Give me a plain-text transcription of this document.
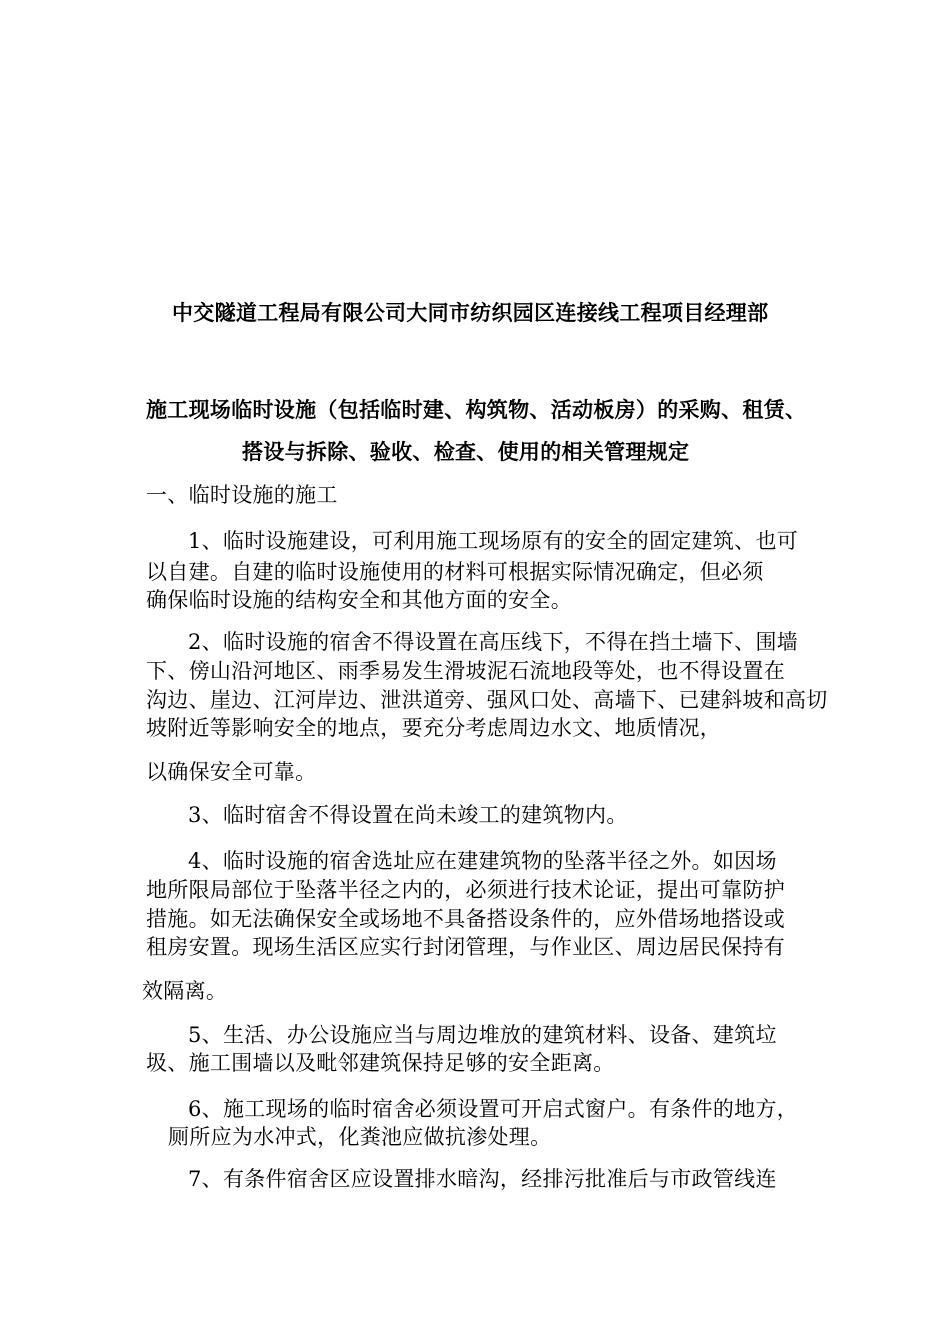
中交隧道工程局有限公司大同市纺织园区连接线工程项目经理部
施工现场临时设施（包括临时建、构筑物、活动板房）的采购、租赁、
搭设与拆除、验收、检查、使用的相关管理规定
一、临时设施的施工
1、临时设施建设，可利用施工现场原有的安全的固定建筑、也可
以自建。自建的临时设施使用的材料可根据实际情况确定，但必须
确保临时设施的结构安全和其他方面的安全。
2、临时设施的宿舍不得设置在高压线下，不得在挡土墙下、围墙
下、傍山沿河地区、雨季易发生滑坡泥石流地段等处，也不得设置在
沟边、崖边、江河岸边、泄洪道旁、强风口处、高墙下、已建斜坡和高切
坡附近等影响安全的地点，要充分考虑周边水文、地质情况，
以确保安全可靠。
3、临时宿舍不得设置在尚未竣工的建筑物内。
4、临时设施的宿舍选址应在建建筑物的坠落半径之外。如因场
地所限局部位于坠落半径之内的，必须进行技术论证，提出可靠防护
措施。如无法确保安全或场地不具备搭设条件的，应外借场地搭设或
租房安置。现场生活区应实行封闭管理，与作业区、周边居民保持有
效隔离。
5、生活、办公设施应当与周边堆放的建筑材料、设备、建筑垃
圾、施工围墙以及毗邻建筑保持足够的安全距离。
6、施工现场的临时宿舍必须设置可开启式窗户。有条件的地方，
厕所应为水冲式，化粪池应做抗渗处理。
7、有条件宿舍区应设置排水暗沟，经排污批准后与市政管线连
